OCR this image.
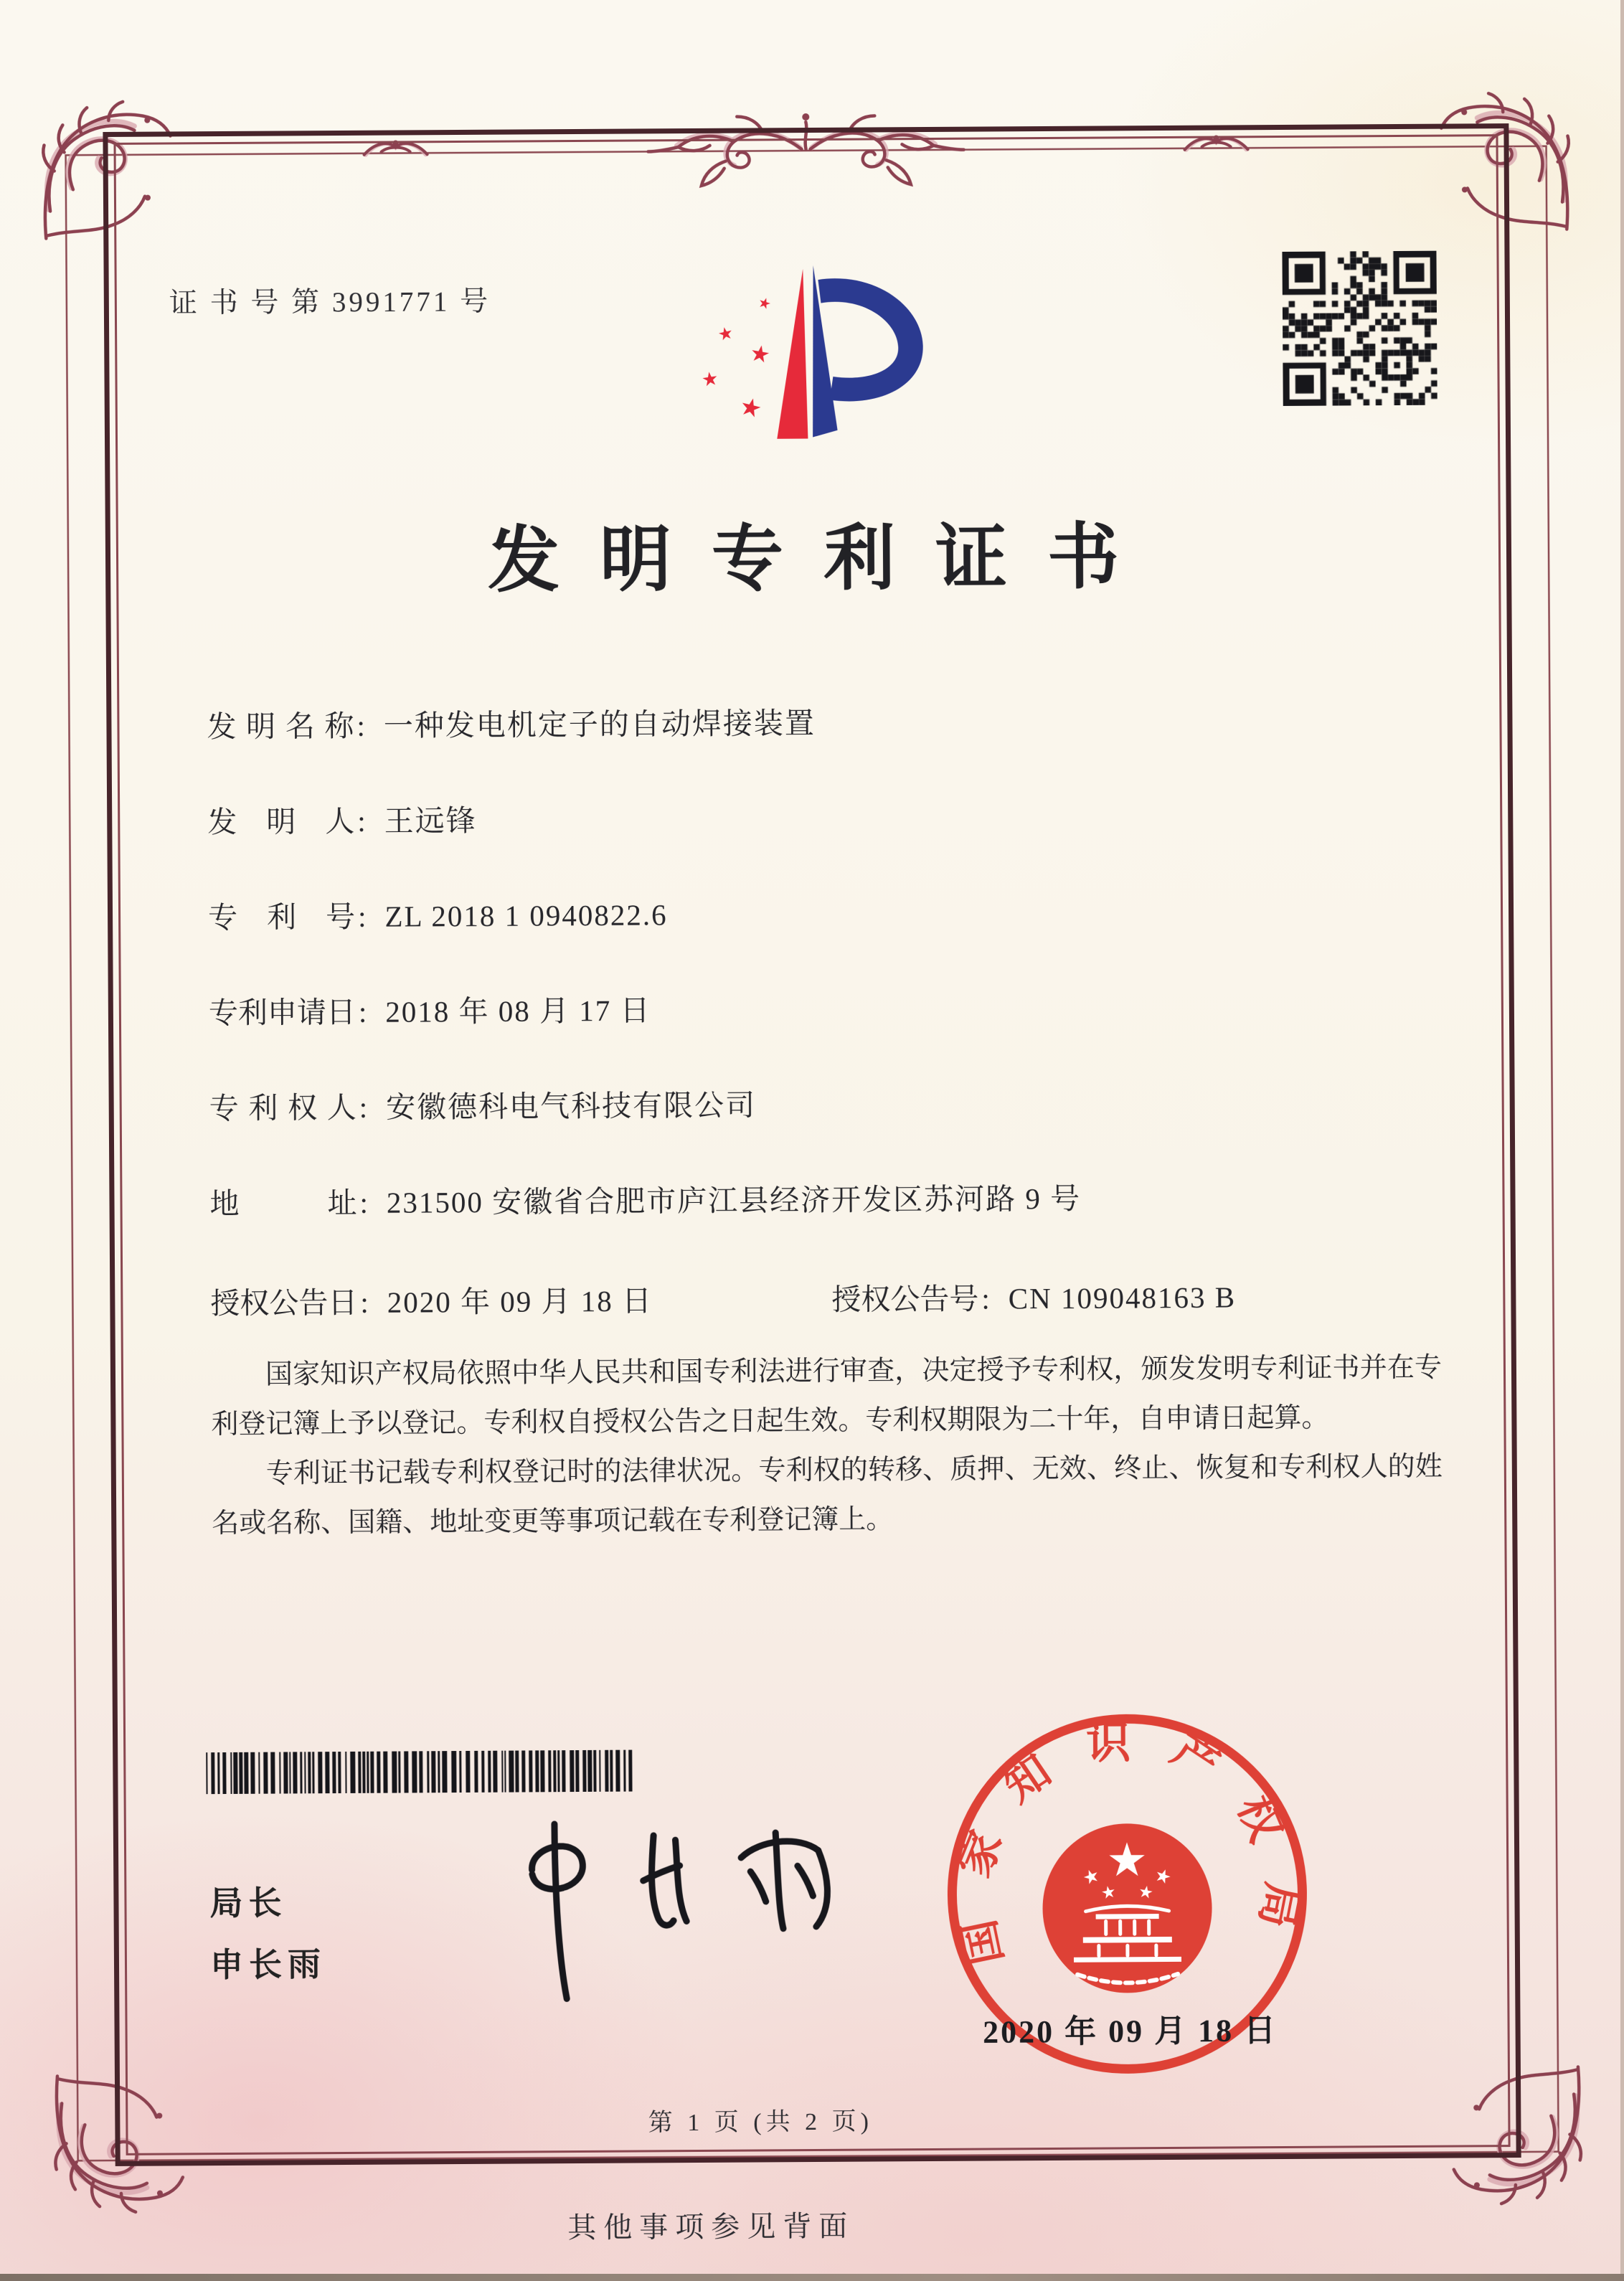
证 书 号 第 3991771 号
发明专利证书
发明名称 : 一种发电机定子的自动焊接装置
发明人 : 王远锋
专利号 : ZL 2018 1 0940822.6
专利申请日 : 2018 年 08 月 17 日
专利权人 : 安徽德科电气科技有限公司
地址 : 231500 安徽省合肥市庐江县经济开发区苏河路 9 号
授权公告日 : 2020 年 09 月 18 日	授权公告号 : CN 109048163 B

国家知识产权局依照中华人民共和国专利法进行审查，决定授予专利权，颁发发明专利证书并在专利登记簿上予以登记。专利权自授权公告之日起生效。专利权期限为二十年，自申请日起算。

专利证书记载专利权登记时的法律状况。专利权的转移、质押、无效、终止、恢复和专利权人的姓名或名称、国籍、地址变更等事项记载在专利登记簿上。

局长
申长雨	国家知识产权局
2020 年 09 月 18 日
第 1 页 (共 2 页)
其他事项参见背面
